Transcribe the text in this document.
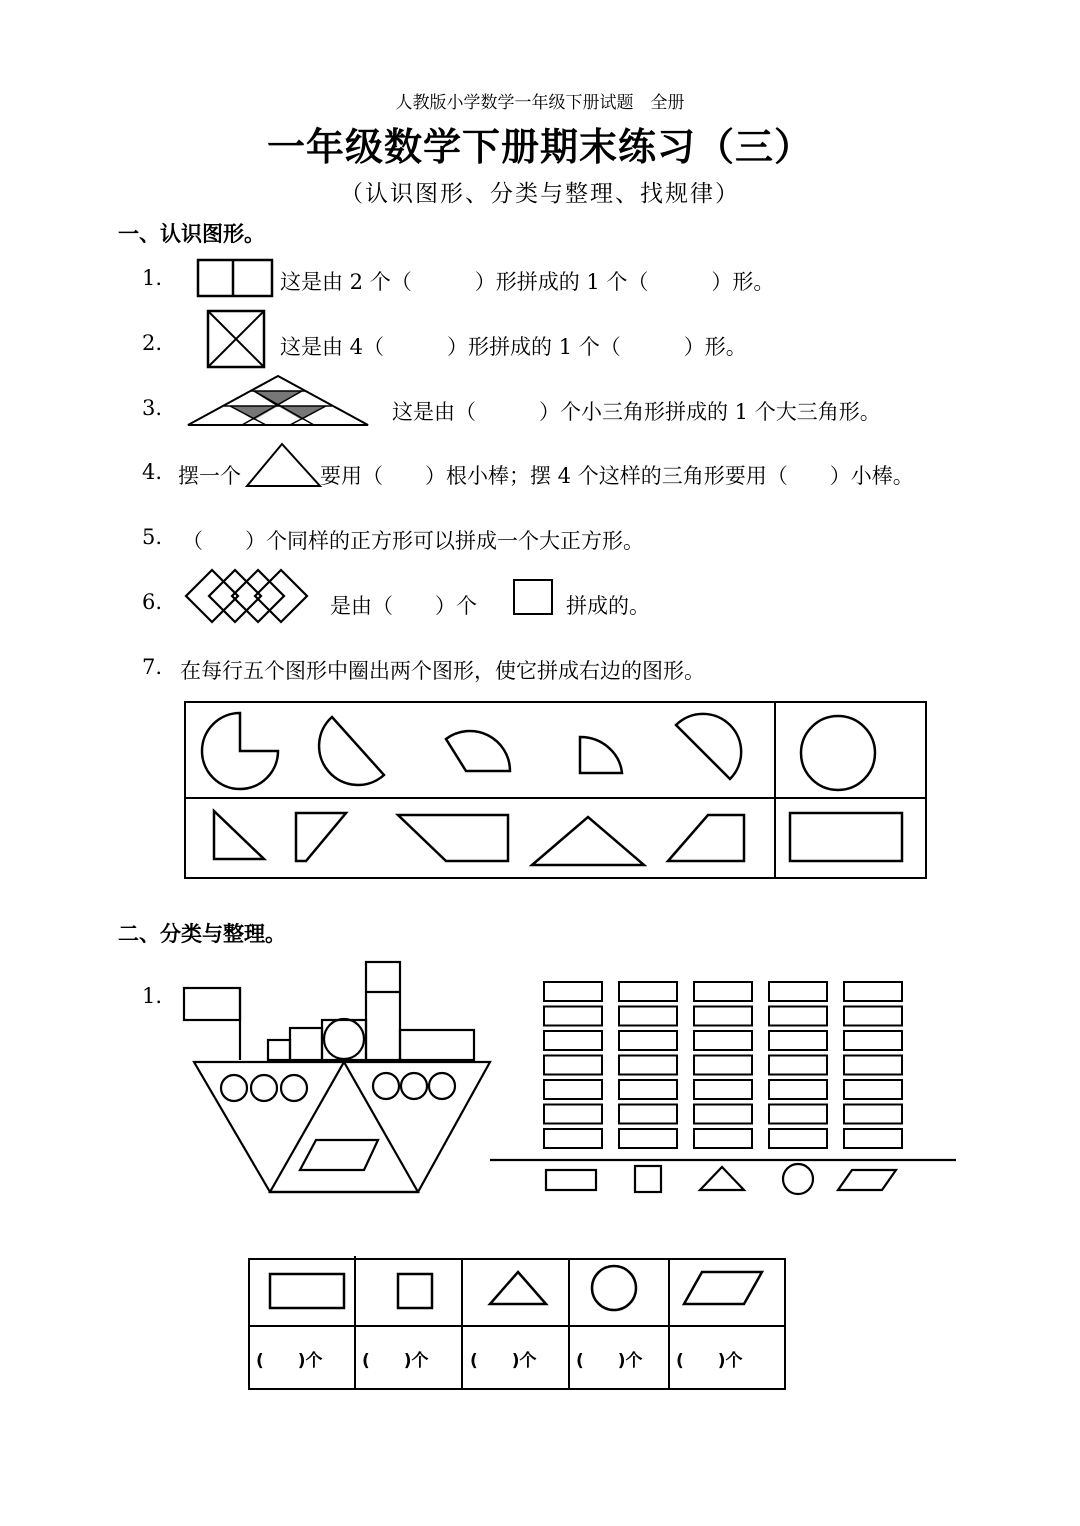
人教版小学数学一年级下册试题　全册
一年级数学下册期末练习（三）
（认识图形、分类与整理、找规律）
一、认识图形。
1.	这是由 2 个（　　　）形拼成的 1 个（　　　）形。
2.	这是由 4（　　　）形拼成的 1 个（　　　）形。
3.	这是由（　　　）个小三角形拼成的 1 个大三角形。
4. 摆一个	要用（　　）根小棒；摆 4 个这样的三角形要用（　　）小棒。
5. （　　）个同样的正方形可以拼成一个大正方形。
6.	是由（　　）个	拼成的。
7. 在每行五个图形中圈出两个图形，使它拼成右边的图形。
二、分类与整理。
1.
(　　)个 (　　)个 (　　)个 (　　)个 (　　)个
